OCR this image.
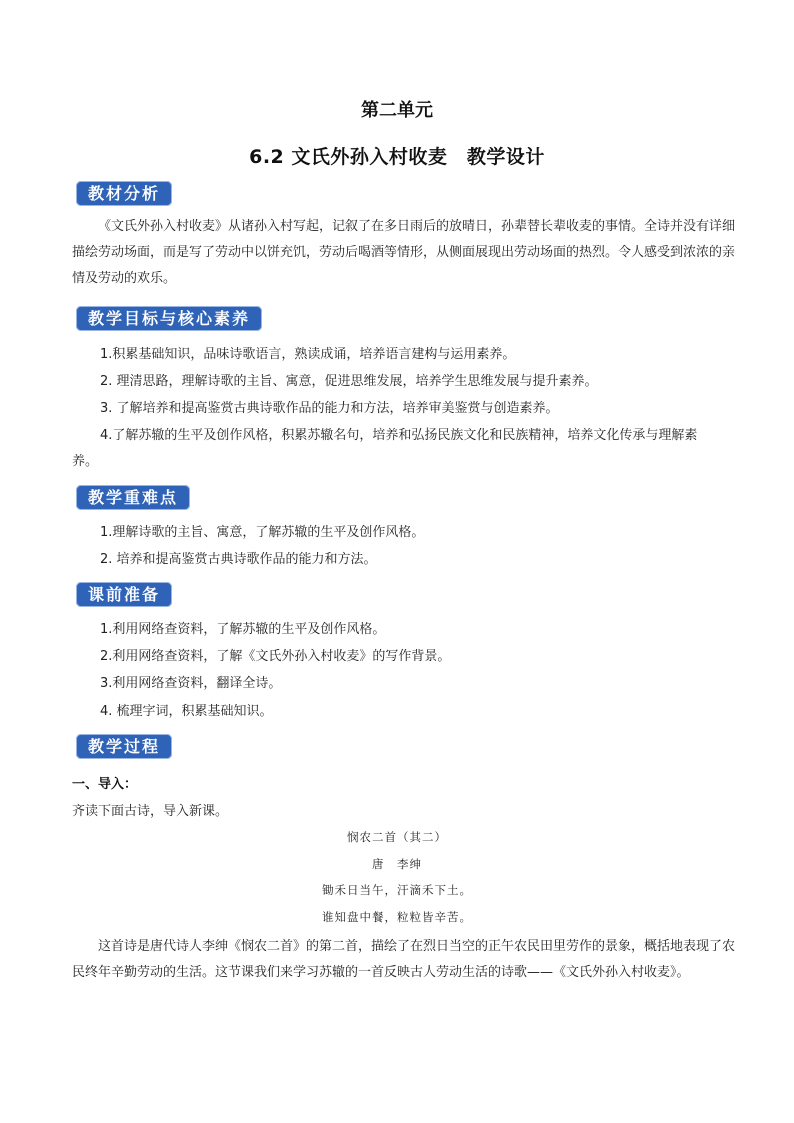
第二单元
6.2 文氏外孙入村收麦　教学设计
教材分析
《文氏外孙入村收麦》从诸孙入村写起，记叙了在多日雨后的放晴日，孙辈替长辈收麦的事情。全诗并没有详细描绘劳动场面，而是写了劳动中以饼充饥，劳动后喝酒等情形，从侧面展现出劳动场面的热烈。令人感受到浓浓的亲情及劳动的欢乐。
教学目标与核心素养
1.积累基础知识，品味诗歌语言，熟读成诵，培养语言建构与运用素养。
2. 理清思路，理解诗歌的主旨、寓意，促进思维发展，培养学生思维发展与提升素养。
3. 了解培养和提高鉴赏古典诗歌作品的能力和方法，培养审美鉴赏与创造素养。
4.了解苏辙的生平及创作风格，积累苏辙名句，培养和弘扬民族文化和民族精神，培养文化传承与理解素养。
教学重难点
1.理解诗歌的主旨、寓意，了解苏辙的生平及创作风格。
2. 培养和提高鉴赏古典诗歌作品的能力和方法。
课前准备
1.利用网络查资料，了解苏辙的生平及创作风格。
2.利用网络查资料，了解《文氏外孙入村收麦》的写作背景。
3.利用网络查资料，翻译全诗。
4. 梳理字词，积累基础知识。
教学过程
一、导入：
齐读下面古诗，导入新课。
悯农二首（其二）
唐　李绅
锄禾日当午，汗滴禾下土。
谁知盘中餐，粒粒皆辛苦。
这首诗是唐代诗人李绅《悯农二首》的第二首，描绘了在烈日当空的正午农民田里劳作的景象，概括地表现了农民终年辛勤劳动的生活。这节课我们来学习苏辙的一首反映古人劳动生活的诗歌——《文氏外孙入村收麦》。
